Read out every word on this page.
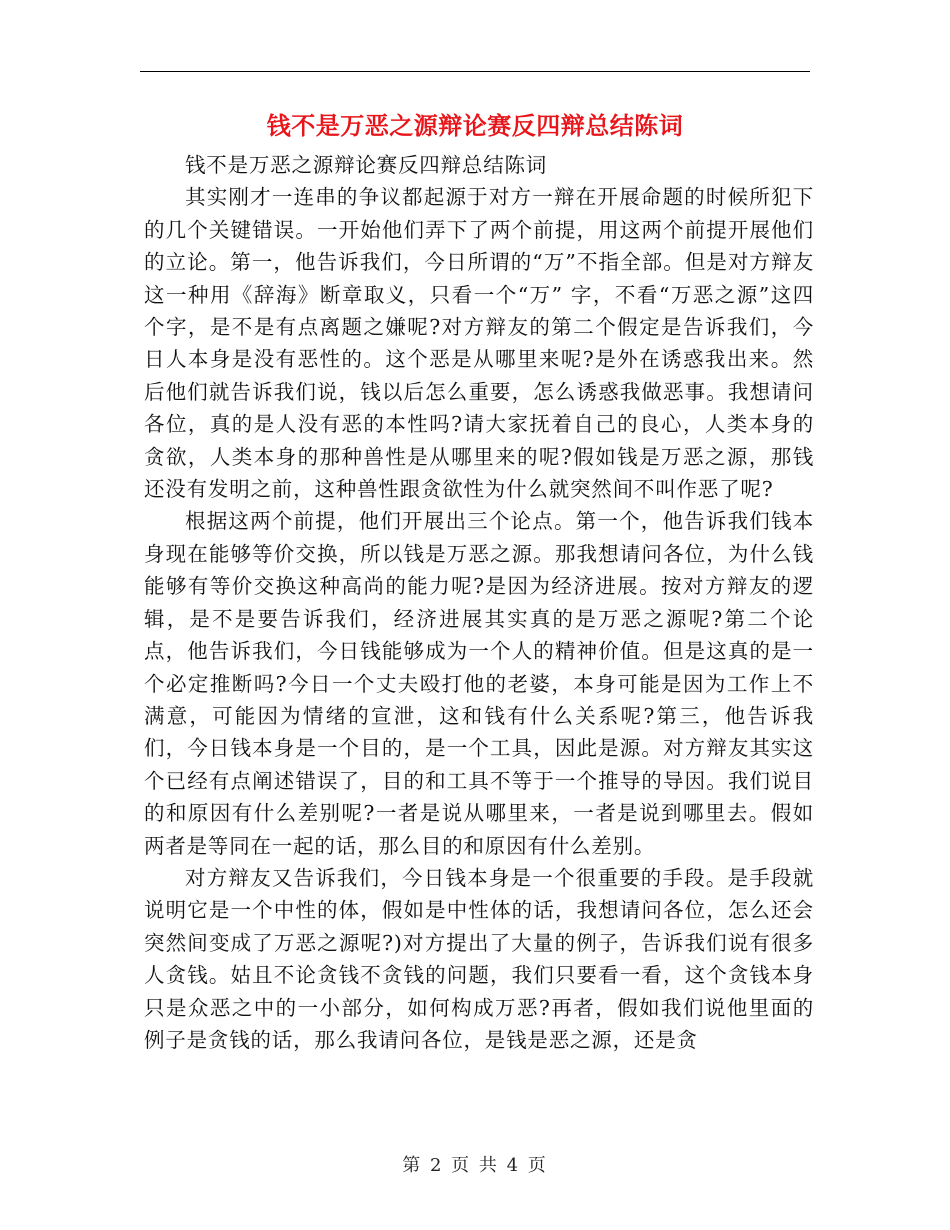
钱不是万恶之源辩论赛反四辩总结陈词

钱不是万恶之源辩论赛反四辩总结陈词

其实刚才一连串的争议都起源于对方一辩在开展命题的时候所犯下的几个关键错误。一开始他们弄下了两个前提，用这两个前提开展他们的立论。第一，他告诉我们，今日所谓的“万”不指全部。但是对方辩友这一种用《辞海》断章取义，只看一个“万” 字，不看“万恶之源”这四个字，是不是有点离题之嫌呢?对方辩友的第二个假定是告诉我们，今日人本身是没有恶性的。这个恶是从哪里来呢?是外在诱惑我出来。然后他们就告诉我们说，钱以后怎么重要，怎么诱惑我做恶事。我想请问各位，真的是人没有恶的本性吗?请大家抚着自己的良心，人类本身的贪欲，人类本身的那种兽性是从哪里来的呢?假如钱是万恶之源，那钱还没有发明之前，这种兽性跟贪欲性为什么就突然间不叫作恶了呢?

根据这两个前提，他们开展出三个论点。第一个，他告诉我们钱本身现在能够等价交换，所以钱是万恶之源。那我想请问各位，为什么钱能够有等价交换这种高尚的能力呢?是因为经济进展。按对方辩友的逻辑，是不是要告诉我们，经济进展其实真的是万恶之源呢?第二个论点，他告诉我们，今日钱能够成为一个人的精神价值。但是这真的是一个必定推断吗?今日一个丈夫殴打他的老婆，本身可能是因为工作上不满意，可能因为情绪的宣泄，这和钱有什么关系呢?第三，他告诉我们，今日钱本身是一个目的，是一个工具，因此是源。对方辩友其实这个已经有点阐述错误了，目的和工具不等于一个推导的导因。我们说目的和原因有什么差别呢?一者是说从哪里来，一者是说到哪里去。假如两者是等同在一起的话，那么目的和原因有什么差别。

对方辩友又告诉我们，今日钱本身是一个很重要的手段。是手段就说明它是一个中性的体，假如是中性体的话，我想请问各位，怎么还会突然间变成了万恶之源呢?)对方提出了大量的例子，告诉我们说有很多人贪钱。姑且不论贪钱不贪钱的问题，我们只要看一看，这个贪钱本身只是众恶之中的一小部分，如何构成万恶?再者，假如我们说他里面的例子是贪钱的话，那么我请问各位，是钱是恶之源，还是贪

第 2 页 共 4 页
